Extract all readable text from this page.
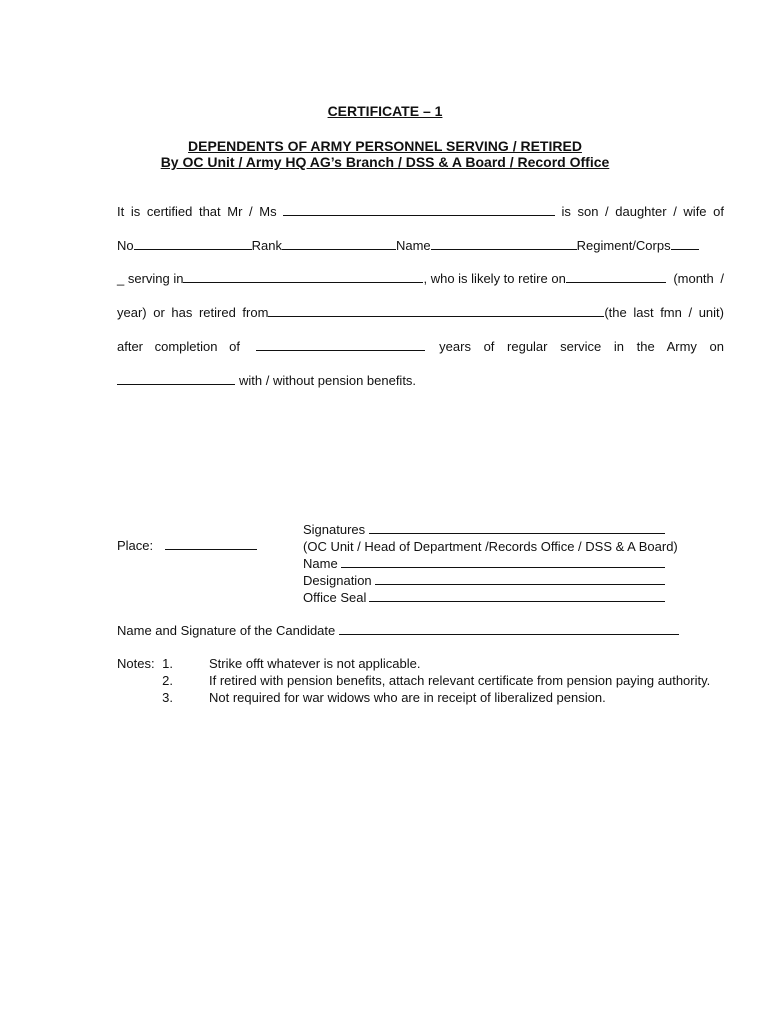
CERTIFICATE – 1
DEPENDENTS OF ARMY PERSONNEL SERVING / RETIRED
By OC Unit / Army HQ AG’s Branch / DSS & A Board / Record Office
It is certified that Mr / Ms	is son / daughter / wife of
No	Rank	Name	Regiment/Corps
_ serving in	, who is likely to retire on	(month /
year) or has retired from	(the last fmn / unit)
after completion of	years of regular service in the Army on
with / without pension benefits.
Place:
Signatures
(OC Unit / Head of Department /Records Office / DSS & A Board)
Name
Designation
Office Seal
Name and Signature of the Candidate
Notes: 1.	Strike offt whatever is not applicable.
2.	If retired with pension benefits, attach relevant certificate from pension paying authority.
3.	Not required for war widows who are in receipt of liberalized pension.
